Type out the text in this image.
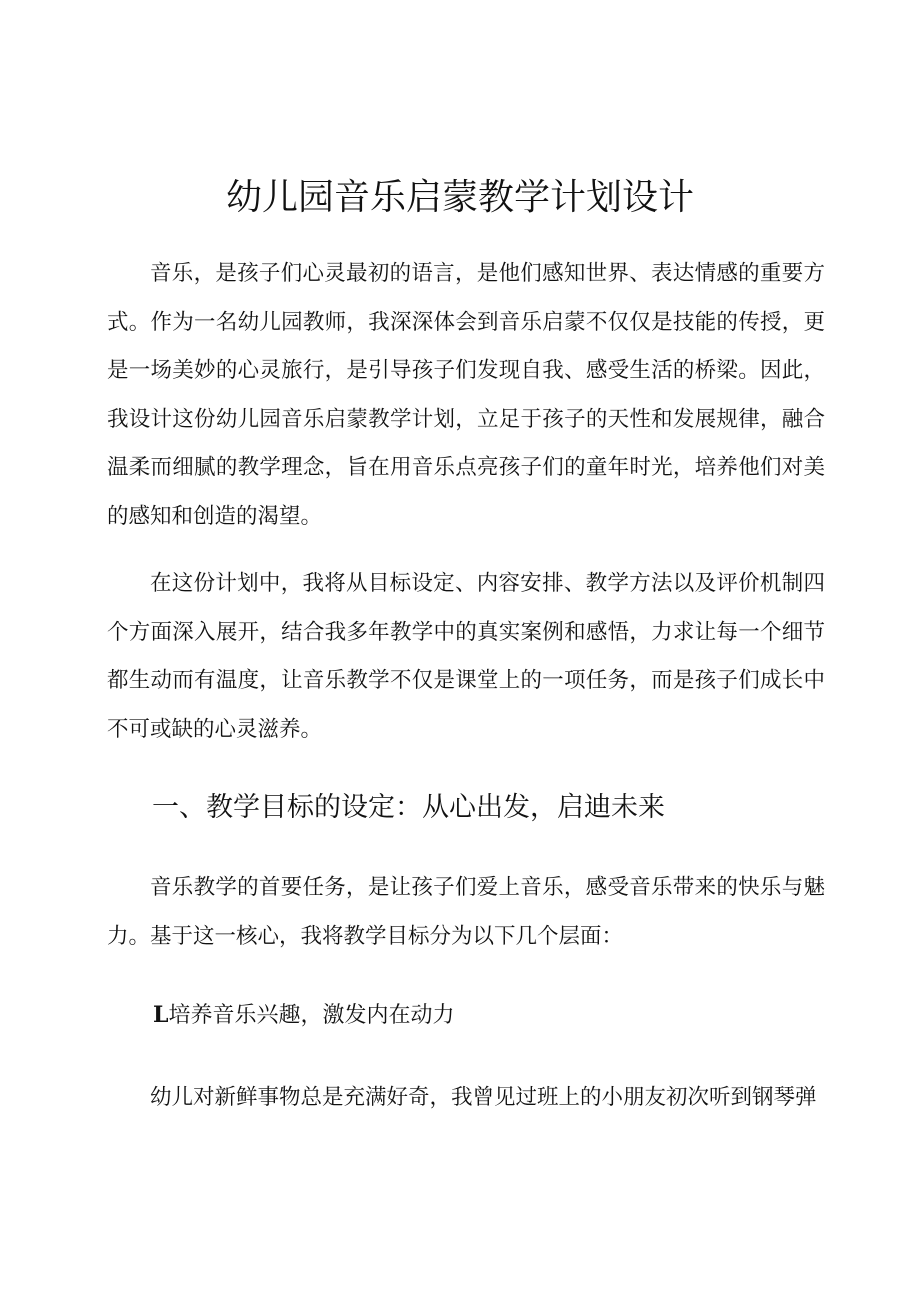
幼儿园音乐启蒙教学计划设计

音乐，是孩子们心灵最初的语言，是他们感知世界、表达情感的重要方式。作为一名幼儿园教师，我深深体会到音乐启蒙不仅仅是技能的传授，更是一场美妙的心灵旅行，是引导孩子们发现自我、感受生活的桥梁。因此，我设计这份幼儿园音乐启蒙教学计划，立足于孩子的天性和发展规律，融合温柔而细腻的教学理念，旨在用音乐点亮孩子们的童年时光，培养他们对美的感知和创造的渴望。

在这份计划中，我将从目标设定、内容安排、教学方法以及评价机制四个方面深入展开，结合我多年教学中的真实案例和感悟，力求让每一个细节都生动而有温度，让音乐教学不仅是课堂上的一项任务，而是孩子们成长中不可或缺的心灵滋养。

一、教学目标的设定：从心出发，启迪未来

音乐教学的首要任务，是让孩子们爱上音乐，感受音乐带来的快乐与魅力。基于这一核心，我将教学目标分为以下几个层面：

L培养音乐兴趣，激发内在动力

幼儿对新鲜事物总是充满好奇，我曾见过班上的小朋友初次听到钢琴弹
